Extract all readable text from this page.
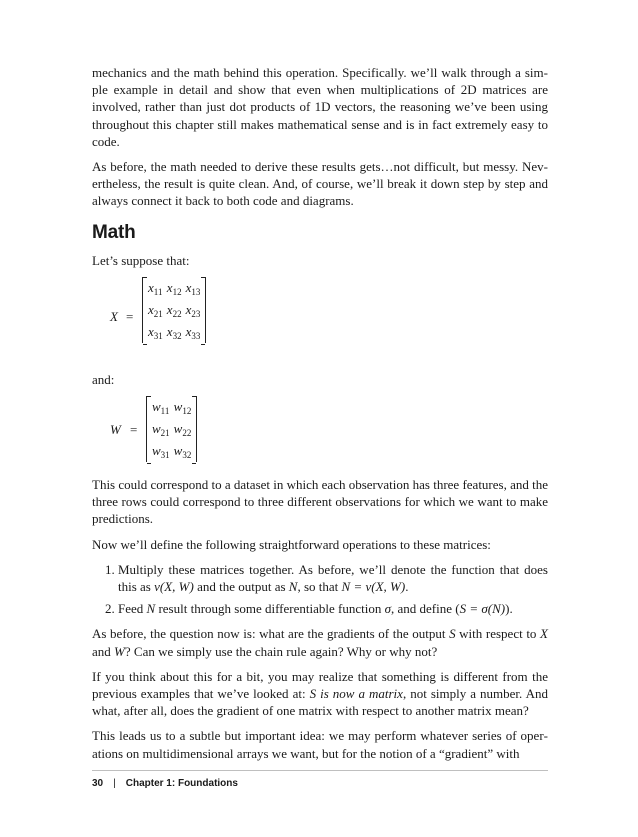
mechanics and the math behind this operation. Specifically. we’ll walk through a simple example in detail and show that even when multiplications of 2D matrices are involved, rather than just dot products of 1D vectors, the reasoning we’ve been using throughout this chapter still makes mathematical sense and is in fact extremely easy to code.

As before, the math needed to derive these results gets…not difficult, but messy. Nevertheless, the result is quite clean. And, of course, we’ll break it down step by step and always connect it back to both code and diagrams.

Math

Let’s suppose that:

X =
$x_{11}$ $x_{12}$ $x_{13}$
$x_{21}$ $x_{22}$ $x_{23}$
$x_{31}$ $x_{32}$ $x_{33}$

and:

W =
$w_{11}$ $w_{12}$
$w_{21}$ $w_{22}$
$w_{31}$ $w_{32}$

This could correspond to a dataset in which each observation has three features, and the three rows could correspond to three different observations for which we want to make predictions.

Now we’ll define the following straightforward operations to these matrices:

1. Multiply these matrices together. As before, we’ll denote the function that does this as ν(X, W) and the output as N, so that N = ν(X, W).
2. Feed N result through some differentiable function σ, and define (S = σ(N)).

As before, the question now is: what are the gradients of the output S with respect to X and W? Can we simply use the chain rule again? Why or why not?

If you think about this for a bit, you may realize that something is different from the previous examples that we’ve looked at: S is now a matrix, not simply a number. And what, after all, does the gradient of one matrix with respect to another matrix mean?

This leads us to a subtle but important idea: we may perform whatever series of operations on multidimensional arrays we want, but for the notion of a “gradient” with

30 | Chapter 1: Foundations
